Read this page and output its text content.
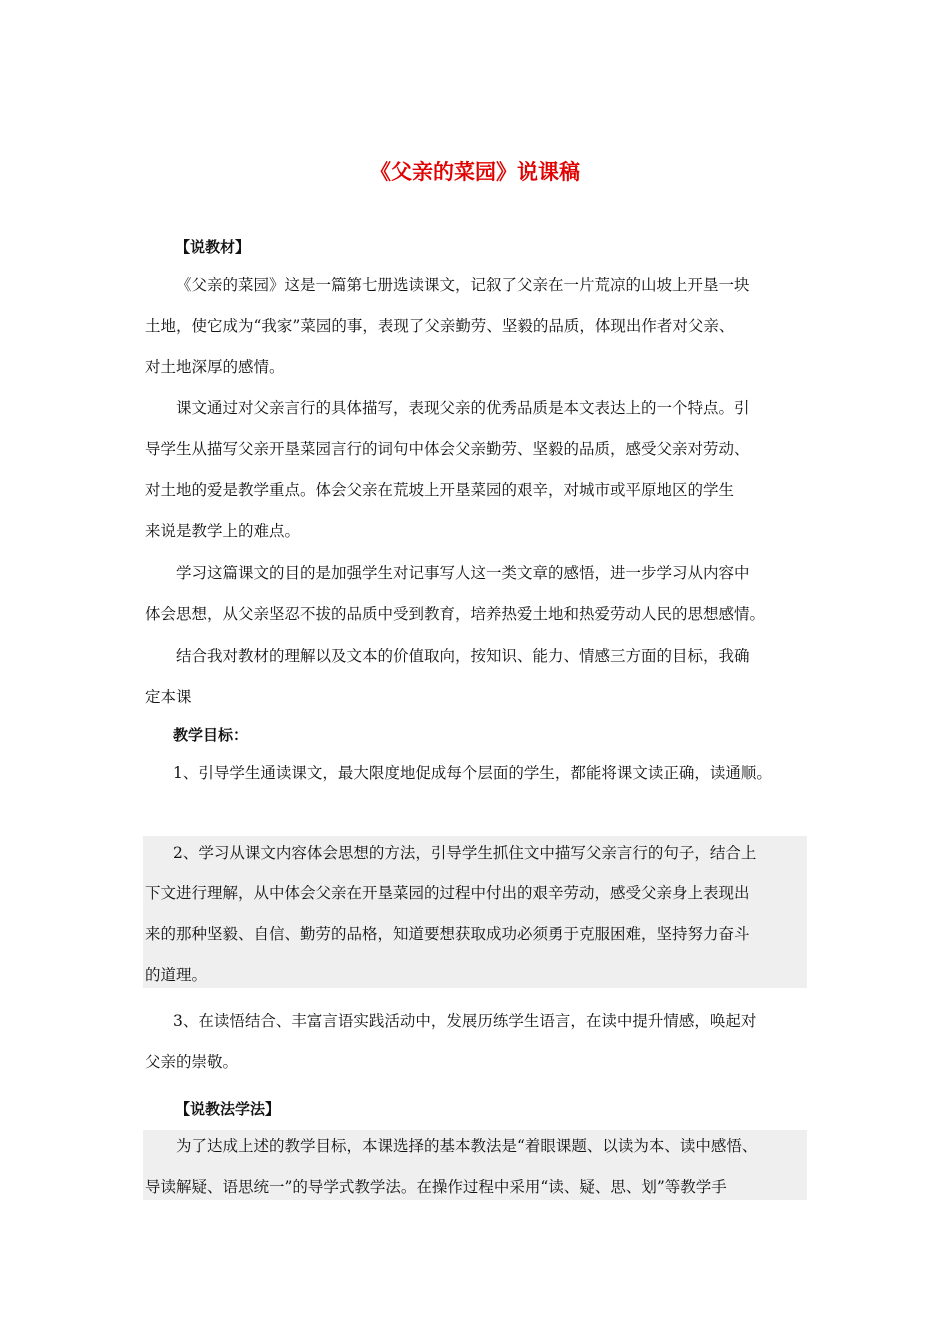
《父亲的菜园》说课稿
【说教材】
《父亲的菜园》这是一篇第七册选读课文，记叙了父亲在一片荒凉的山坡上开垦一块
土地，使它成为“我家”菜园的事，表现了父亲勤劳、坚毅的品质，体现出作者对父亲、
对土地深厚的感情。
课文通过对父亲言行的具体描写，表现父亲的优秀品质是本文表达上的一个特点。引
导学生从描写父亲开垦菜园言行的词句中体会父亲勤劳、坚毅的品质，感受父亲对劳动、
对土地的爱是教学重点。体会父亲在荒坡上开垦菜园的艰辛，对城市或平原地区的学生
来说是教学上的难点。
学习这篇课文的目的是加强学生对记事写人这一类文章的感悟，进一步学习从内容中
体会思想，从父亲坚忍不拔的品质中受到教育，培养热爱土地和热爱劳动人民的思想感情。
结合我对教材的理解以及文本的价值取向，按知识、能力、情感三方面的目标，我确
定本课
教学目标：
1、引导学生通读课文，最大限度地促成每个层面的学生，都能将课文读正确，读通顺。
2、学习从课文内容体会思想的方法，引导学生抓住文中描写父亲言行的句子，结合上
下文进行理解，从中体会父亲在开垦菜园的过程中付出的艰辛劳动，感受父亲身上表现出
来的那种坚毅、自信、勤劳的品格，知道要想获取成功必须勇于克服困难，坚持努力奋斗
的道理。
3、在读悟结合、丰富言语实践活动中，发展历练学生语言，在读中提升情感，唤起对
父亲的崇敬。
【说教法学法】
为了达成上述的教学目标，本课选择的基本教法是“着眼课题、以读为本、读中感悟、
导读解疑、语思统一”的导学式教学法。在操作过程中采用“读、疑、思、划”等教学手
